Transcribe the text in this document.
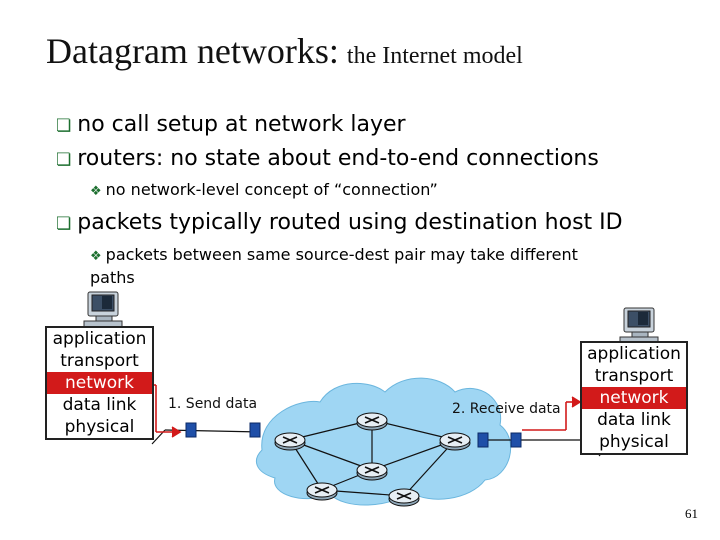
Datagram networks: the Internet model
❏ no call setup at network layer
❏ routers: no state about end-to-end connections
❖ no network-level concept of “connection”
❏ packets typically routed using destination host ID
❖ packets between same source-dest pair may take different paths
application
transport
network
data link
physical
application
transport
network
data link
physical
1. Send data	2. Receive data
61
